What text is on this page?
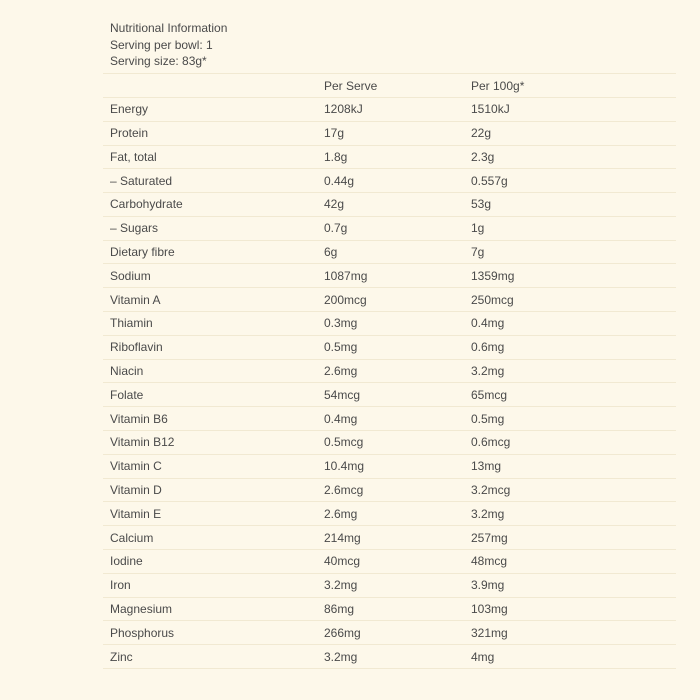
Nutritional Information
Serving per bowl: 1
Serving size: 83g*
	Per Serve	Per 100g*
Energy	1208kJ	1510kJ
Protein	17g	22g
Fat, total	1.8g	2.3g
– Saturated	0.44g	0.557g
Carbohydrate	42g	53g
– Sugars	0.7g	1g
Dietary fibre	6g	7g
Sodium	1087mg	1359mg
Vitamin A	200mcg	250mcg
Thiamin	0.3mg	0.4mg
Riboflavin	0.5mg	0.6mg
Niacin	2.6mg	3.2mg
Folate	54mcg	65mcg
Vitamin B6	0.4mg	0.5mg
Vitamin B12	0.5mcg	0.6mcg
Vitamin C	10.4mg	13mg
Vitamin D	2.6mcg	3.2mcg
Vitamin E	2.6mg	3.2mg
Calcium	214mg	257mg
Iodine	40mcg	48mcg
Iron	3.2mg	3.9mg
Magnesium	86mg	103mg
Phosphorus	266mg	321mg
Zinc	3.2mg	4mg
